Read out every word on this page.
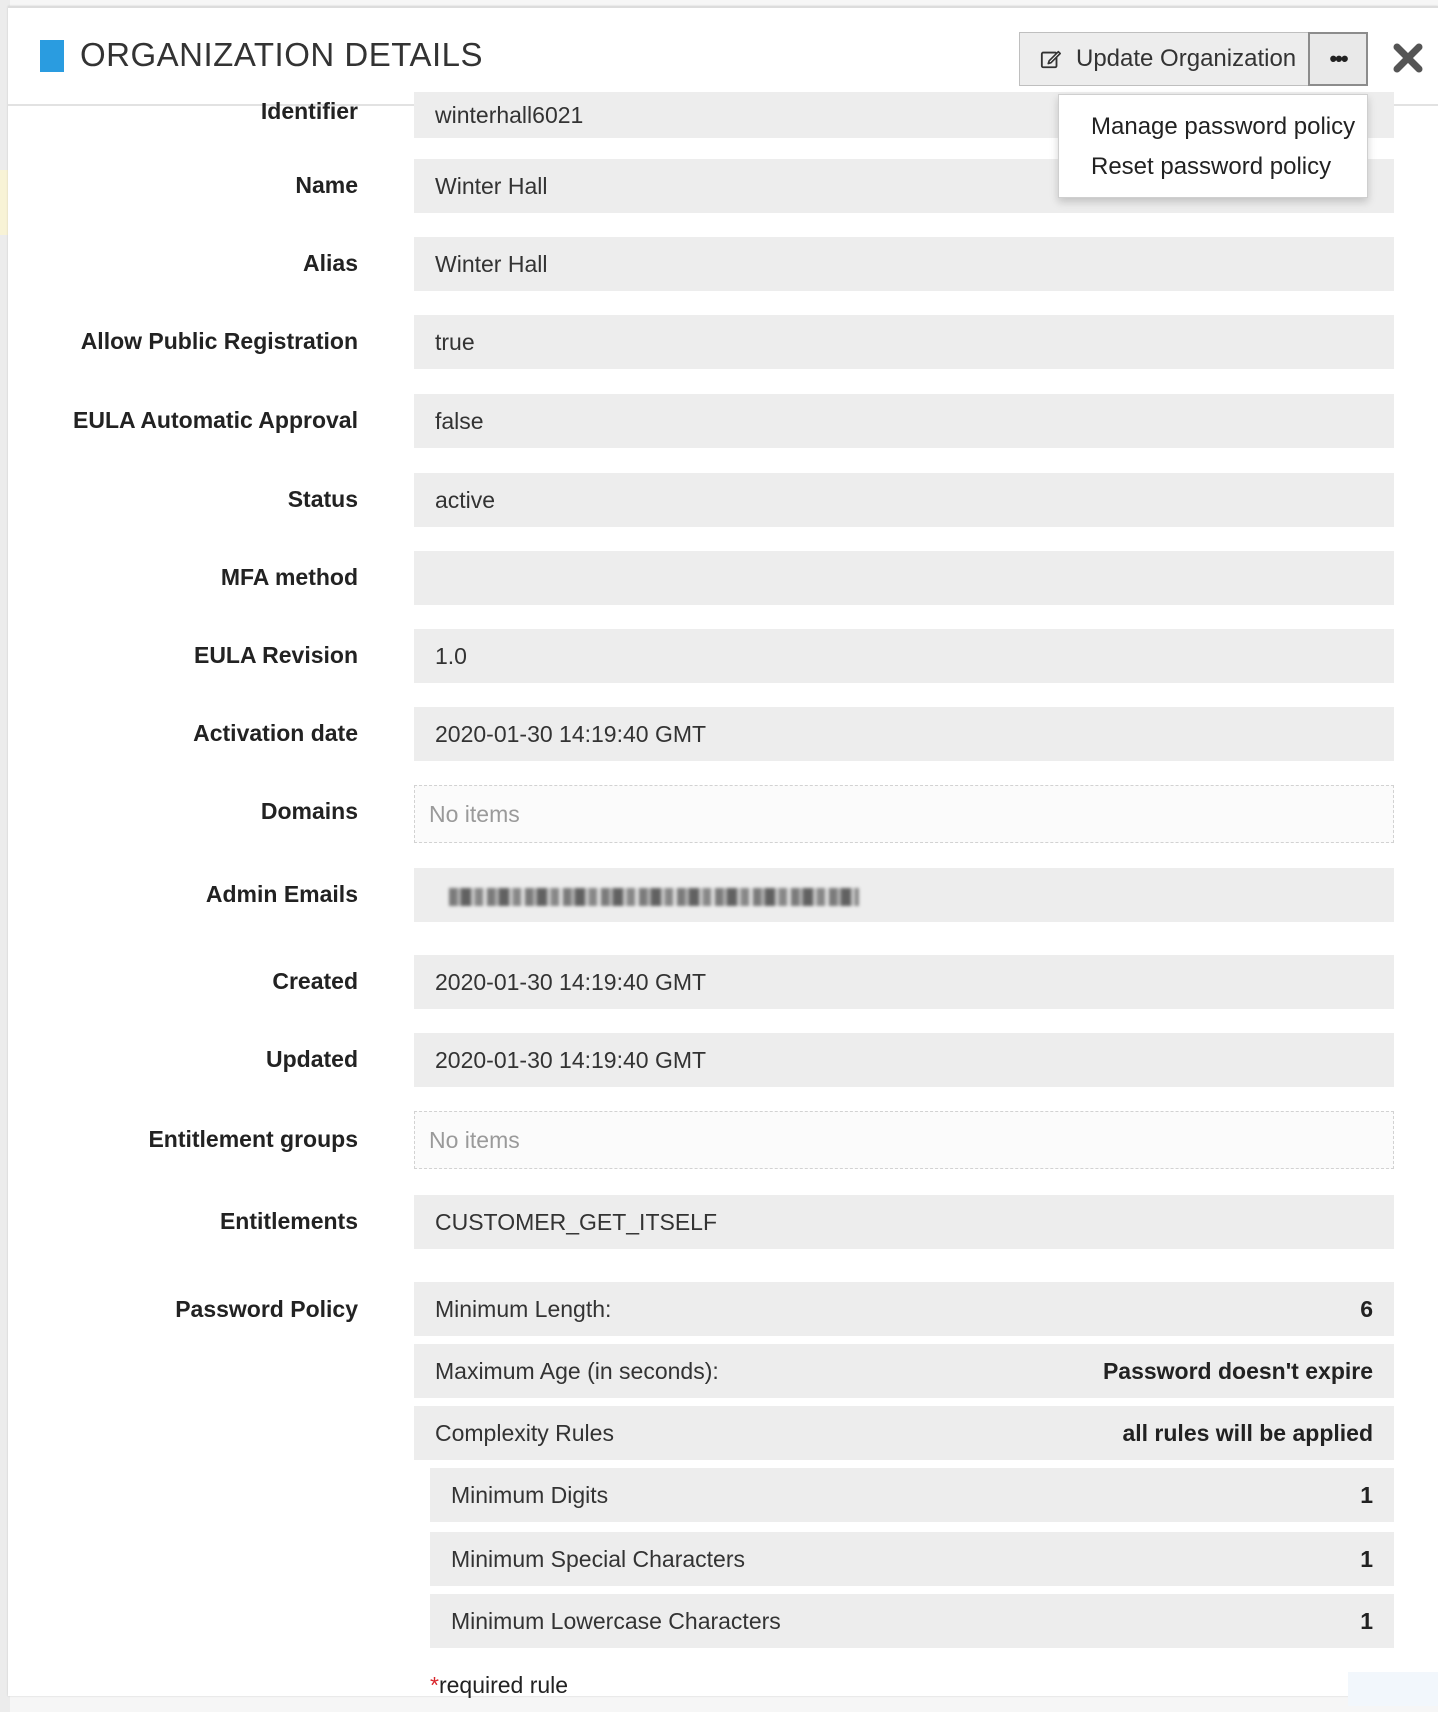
ORGANIZATION DETAILS	Update Organization •••
Manage password policy
Reset password policy
Identifier	winterhall6021
Name	Winter Hall
Alias	Winter Hall
Allow Public Registration	true
EULA Automatic Approval	false
Status	active
MFA method
EULA Revision	1.0
Activation date	2020-01-30 14:19:40 GMT
Domains	No items
Admin Emails
Created	2020-01-30 14:19:40 GMT
Updated	2020-01-30 14:19:40 GMT
Entitlement groups	No items
Entitlements	CUSTOMER_GET_ITSELF
Password Policy	Minimum Length:	6
Maximum Age (in seconds):	Password doesn't expire
Complexity Rules	all rules will be applied
Minimum Digits	1
Minimum Special Characters	1
Minimum Lowercase Characters	1
*required rule
